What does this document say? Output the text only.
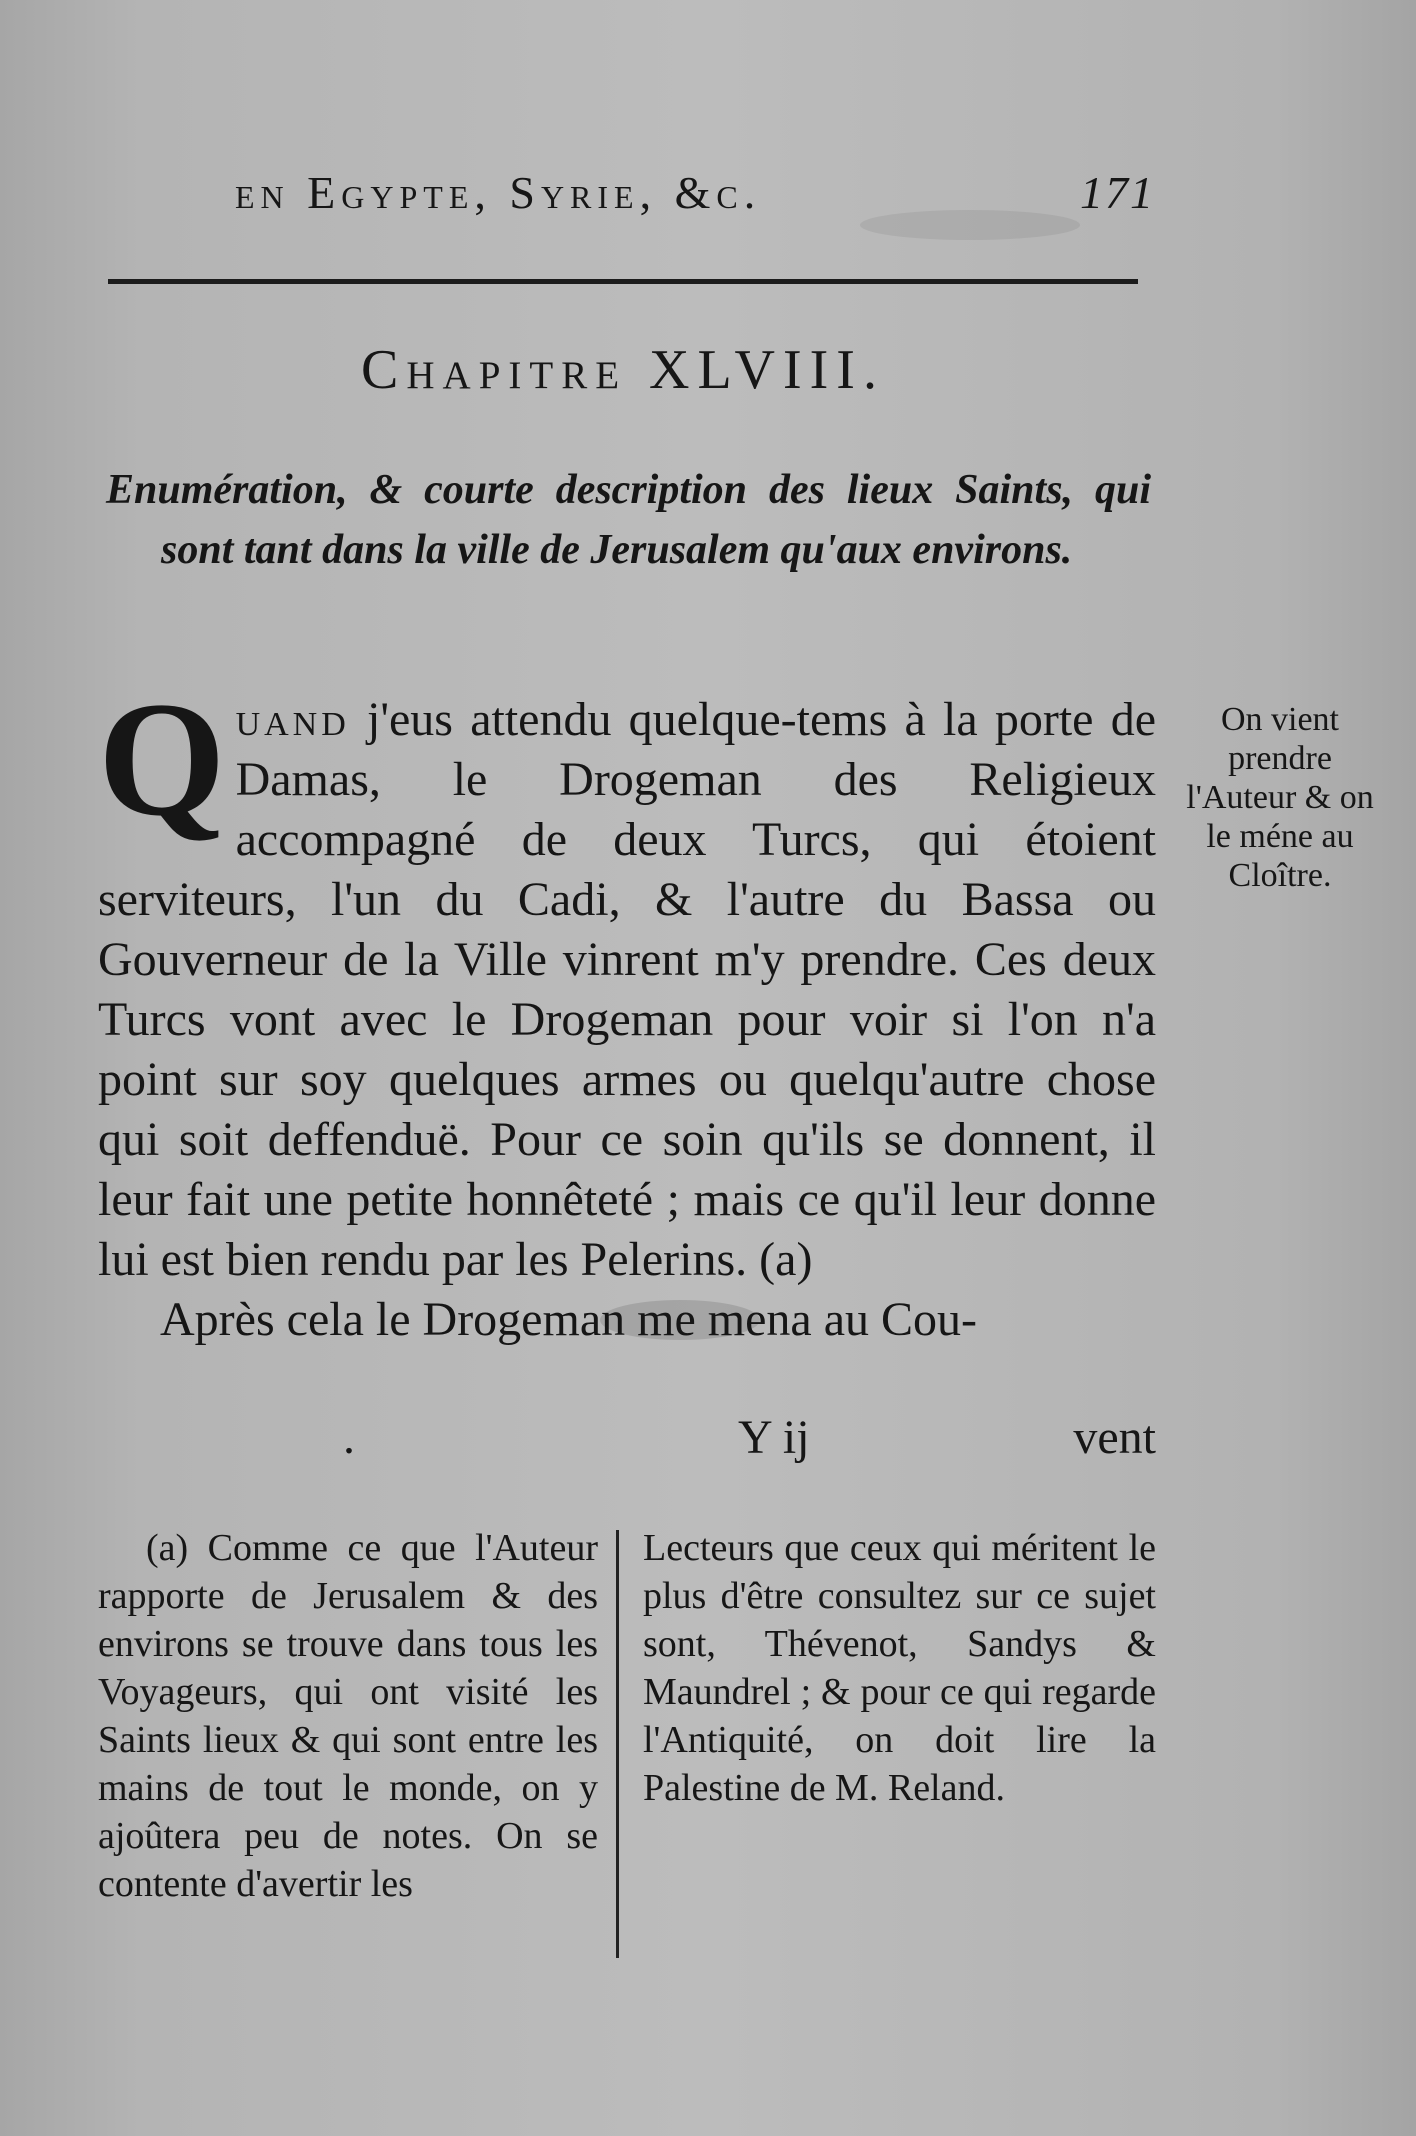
en Egypte, Syrie, &c.	171
Chapitre XLVIII.
Enumération, & courte description des lieux Saints, qui sont tant dans la ville de Jerusalem qu'aux environs.

Quand j'eus attendu quelque-tems à la porte de Damas, le Drogeman des Religieux accompagné de deux Turcs, qui étoient serviteurs, l'un du Cadi, & l'autre du Bassa ou Gouverneur de la Ville vinrent m'y prendre. Ces deux Turcs vont avec le Drogeman pour voir si l'on n'a point sur soy quelques armes ou quelqu'autre chose qui soit deffenduë. Pour ce soin qu'ils se donnent, il leur fait une petite honnêteté ; mais ce qu'il leur donne lui est bien rendu par les Pelerins. (a)

Après cela le Drogeman me mena au Cou-

.	Y ij	vent
On vient prendre l'Auteur & on le méne au Cloître.

(a) Comme ce que l'Auteur rapporte de Jerusalem & des environs se trouve dans tous les Voyageurs, qui ont visité les Saints lieux & qui sont entre les mains de tout le monde, on y ajoûtera peu de notes. On se contente d'avertir les

Lecteurs que ceux qui méritent le plus d'être consultez sur ce sujet sont, Thévenot, Sandys & Maundrel ; & pour ce qui regarde l'Antiquité, on doit lire la Palestine de M. Reland.
